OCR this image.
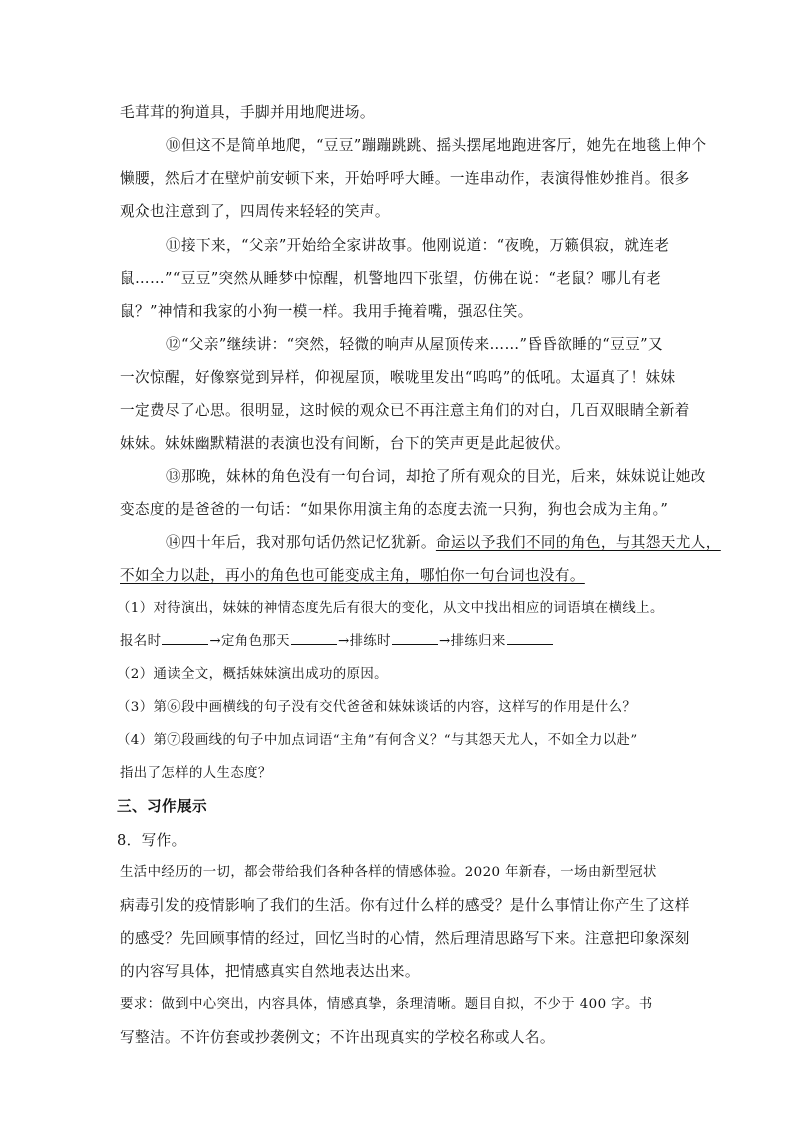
毛茸茸的狗道具，手脚并用地爬进场。
⑩但这不是简单地爬，“豆豆”蹦蹦跳跳、摇头摆尾地跑进客厅，她先在地毯上伸个
懒腰，然后才在壁炉前安顿下来，开始呼呼大睡。一连串动作，表演得惟妙推肖。很多
观众也注意到了，四周传来轻轻的笑声。
⑪接下来，“父亲”开始给全家讲故事。他刚说道：“夜晚，万籁俱寂，就连老
鼠……”“豆豆”突然从睡梦中惊醒，机警地四下张望，仿佛在说：“老鼠？哪儿有老
鼠？”神情和我家的小狗一模一样。我用手掩着嘴，强忍住笑。
⑫“父亲”继续讲：“突然，轻微的响声从屋顶传来……”昏昏欲睡的“豆豆”又
一次惊醒，好像察觉到异样，仰视屋顶，喉咙里发出“呜呜”的低吼。太逼真了！妹妹
一定费尽了心思。很明显，这时候的观众已不再注意主角们的对白，几百双眼睛全新着
妹妹。妹妹幽默精湛的表演也没有间断，台下的笑声更是此起彼伏。
⑬那晚，妹林的角色没有一句台词，却抢了所有观众的目光，后来，妹妹说让她改
变态度的是爸爸的一句话：“如果你用演主角的态度去流一只狗，狗也会成为主角。”
⑭四十年后，我对那句话仍然记忆犹新。命运以予我们不同的角色，与其怨天尤人，
不如全力以赴，再小的角色也可能变成主角，哪怕你一句台词也没有。
（1）对待演出，妹妹的神情态度先后有很大的变化，从文中找出相应的词语填在横线上。
报名时	→定角色那天	→排练时	→排练归来
（2）通读全文，概括妹妹演出成功的原因。
（3）第⑥段中画横线的句子没有交代爸爸和妹妹谈话的内容，这样写的作用是什么？
（4）第⑦段画线的句子中加点词语“主角”有何含义？“与其怨天尤人，不如全力以赴”
指出了怎样的人生态度？
三、习作展示
8．写作。
生活中经历的一切，都会带给我们各种各样的情感体验。2020 年新春，一场由新型冠状
病毒引发的疫情影响了我们的生活。你有过什么样的感受？是什么事情让你产生了这样
的感受？先回顾事情的经过，回忆当时的心情，然后理清思路写下来。注意把印象深刻
的内容写具体，把情感真实自然地表达出来。
要求：做到中心突出，内容具体，情感真挚，条理清晰。题目自拟，不少于 400 字。书
写整洁。不许仿套或抄袭例文；不许出现真实的学校名称或人名。
